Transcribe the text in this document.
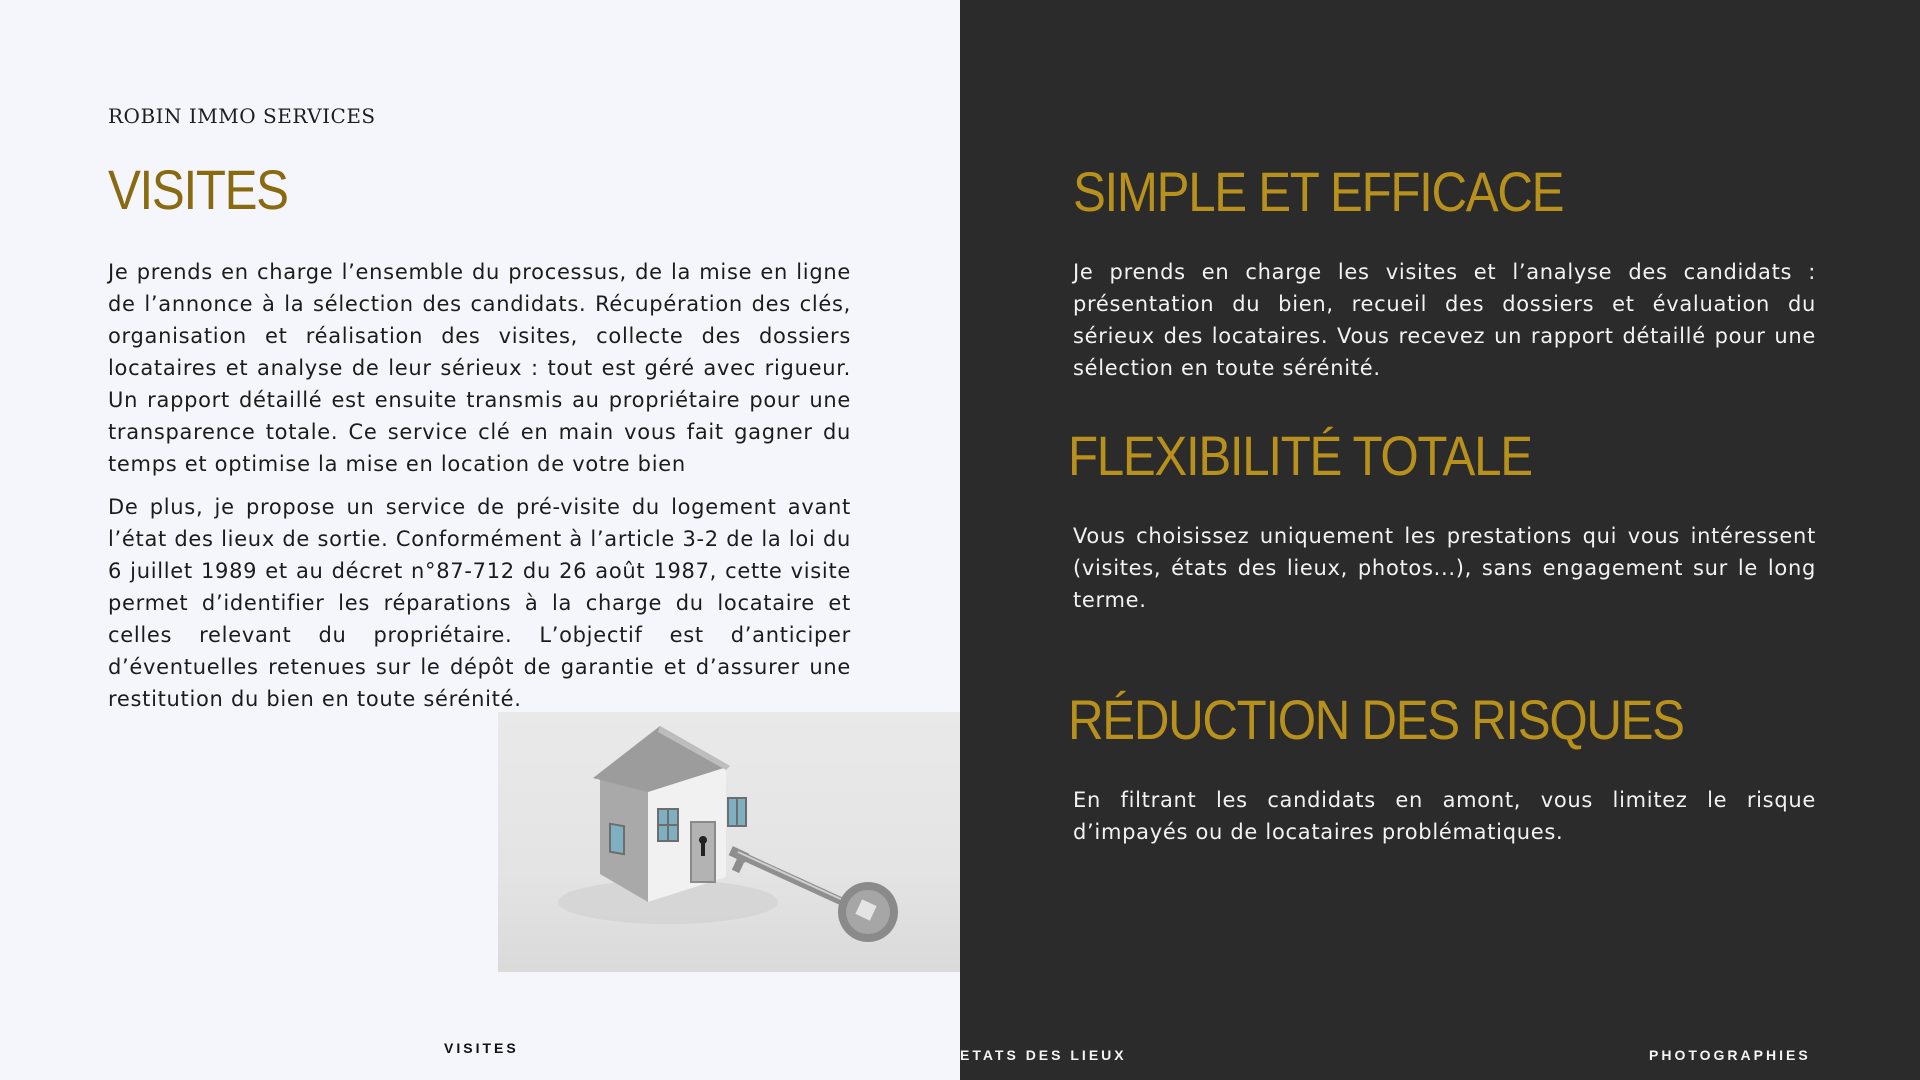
ROBIN IMMO SERVICES

VISITES

Je prends en charge l’ensemble du processus, de la mise en ligne de l’annonce à la sélection des candidats. Récupération des clés, organisation et réalisation des visites, collecte des dossiers locataires et analyse de leur sérieux : tout est géré avec rigueur. Un rapport détaillé est ensuite transmis au propriétaire pour une transparence totale. Ce service clé en main vous fait gagner du temps et optimise la mise en location de votre bien

De plus, je propose un service de pré-visite du logement avant l’état des lieux de sortie. Conformément à l’article 3-2 de la loi du 6 juillet 1989 et au décret n°87-712 du 26 août 1987, cette visite permet d’identifier les réparations à la charge du locataire et celles relevant du propriétaire. L’objectif est d’anticiper d’éventuelles retenues sur le dépôt de garantie et d’assurer une restitution du bien en toute sérénité.

VISITES

SIMPLE ET EFFICACE

Je prends en charge les visites et l’analyse des candidats : présentation du bien, recueil des dossiers et évaluation du sérieux des locataires. Vous recevez un rapport détaillé pour une sélection en toute sérénité.

FLEXIBILITÉ TOTALE

Vous choisissez uniquement les prestations qui vous intéressent (visites, états des lieux, photos...), sans engagement sur le long terme.

RÉDUCTION DES RISQUES

En filtrant les candidats en amont, vous limitez le risque d’impayés ou de locataires problématiques.

ETATS DES LIEUX	PHOTOGRAPHIES
